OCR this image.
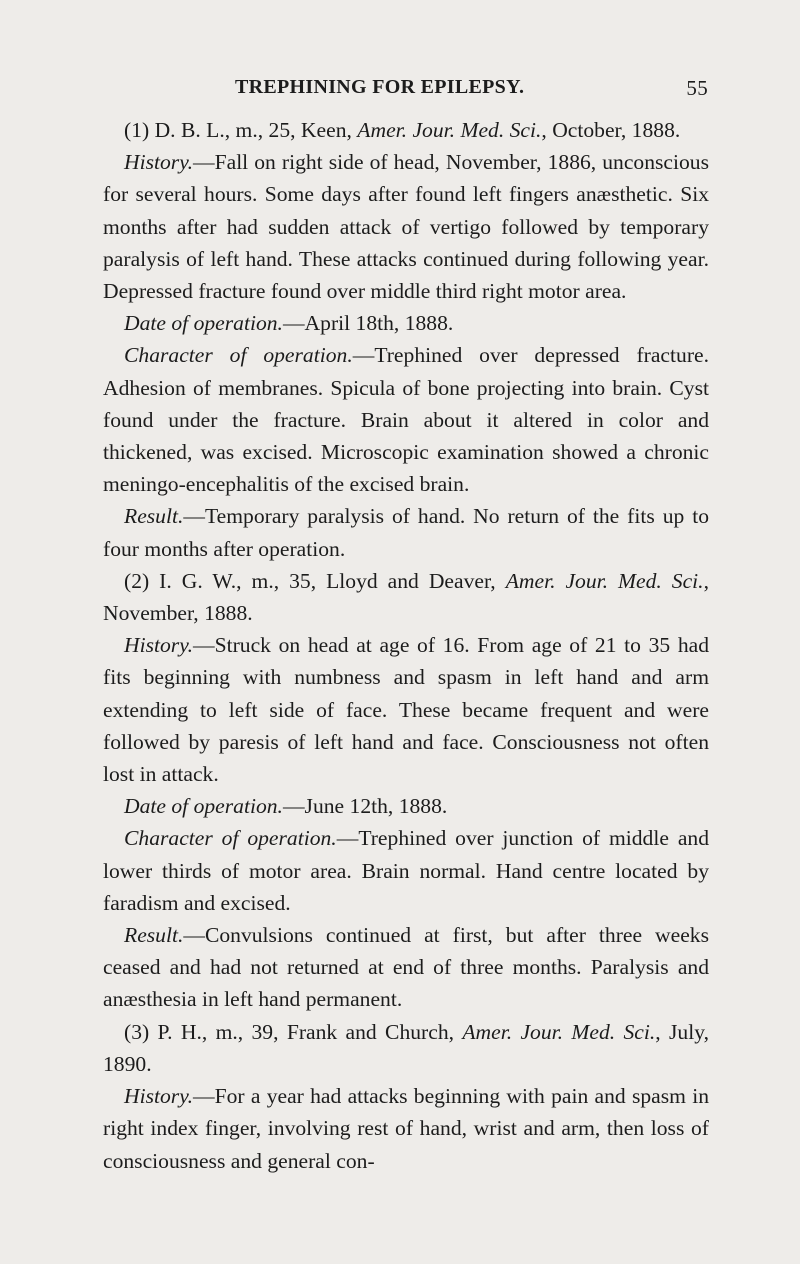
TREPHINING FOR EPILEPSY.	55

(1) D. B. L., m., 25, Keen, Amer. Jour. Med. Sci., October, 1888.

History.—Fall on right side of head, November, 1886, unconscious for several hours. Some days after found left fingers anæsthetic. Six months after had sudden attack of vertigo followed by temporary paralysis of left hand. These attacks continued during following year. Depressed fracture found over middle third right motor area.

Date of operation.—April 18th, 1888.

Character of operation.—Trephined over depressed fracture. Adhesion of membranes. Spicula of bone projecting into brain. Cyst found under the fracture. Brain about it altered in color and thickened, was excised. Microscopic examination showed a chronic meningo-encephalitis of the excised brain.

Result.—Temporary paralysis of hand. No return of the fits up to four months after operation.

(2) I. G. W., m., 35, Lloyd and Deaver, Amer. Jour. Med. Sci., November, 1888.

History.—Struck on head at age of 16. From age of 21 to 35 had fits beginning with numbness and spasm in left hand and arm extending to left side of face. These became frequent and were followed by paresis of left hand and face. Consciousness not often lost in attack.

Date of operation.—June 12th, 1888.

Character of operation.—Trephined over junction of middle and lower thirds of motor area. Brain normal. Hand centre located by faradism and excised.

Result.—Convulsions continued at first, but after three weeks ceased and had not returned at end of three months. Paralysis and anæsthesia in left hand permanent.

(3) P. H., m., 39, Frank and Church, Amer. Jour. Med. Sci., July, 1890.

History.—For a year had attacks beginning with pain and spasm in right index finger, involving rest of hand, wrist and arm, then loss of consciousness and general con-
